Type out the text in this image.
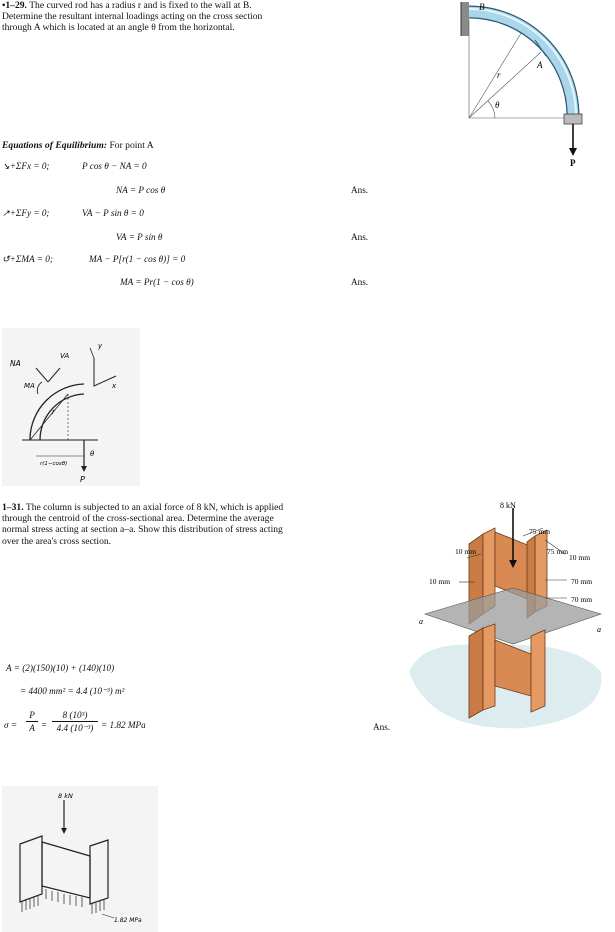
•1–29. The curved rod has a radius r and is fixed to the wall at B. Determine the resultant internal loadings acting on the cross section through A which is located at an angle θ from the horizontal.
B
r
A
θ
P
Equations of Equilibrium: For point A
↘+ΣFx = 0;	P cos θ − NA = 0
NA = P cos θ	Ans.
↗+ΣFy = 0;	VA − P sin θ = 0
VA = P sin θ	Ans.
↺+ΣMA = 0;	MA − P[r(1 − cos θ)] = 0
MA = Pr(1 − cos θ)	Ans.
NA
VA
MA
r
x
y
r(1−cosθ)
θ
P
1–31. The column is subjected to an axial force of 8 kN, which is applied through the centroid of the cross-sectional area. Determine the average normal stress acting at section a–a. Show this distribution of stress acting over the area's cross section.
8 kN
75 mm
75 mm
10 mm
10 mm
10 mm	70 mm
70 mm
a
a
A = (2)(150)(10) + (140)(10)
= 4400 mm² = 4.4 (10⁻³) m²
σ =
P
A =
8 (10³)
4.4 (10⁻³) = 1.82 MPa	Ans.
8 kN
1.82 MPa
